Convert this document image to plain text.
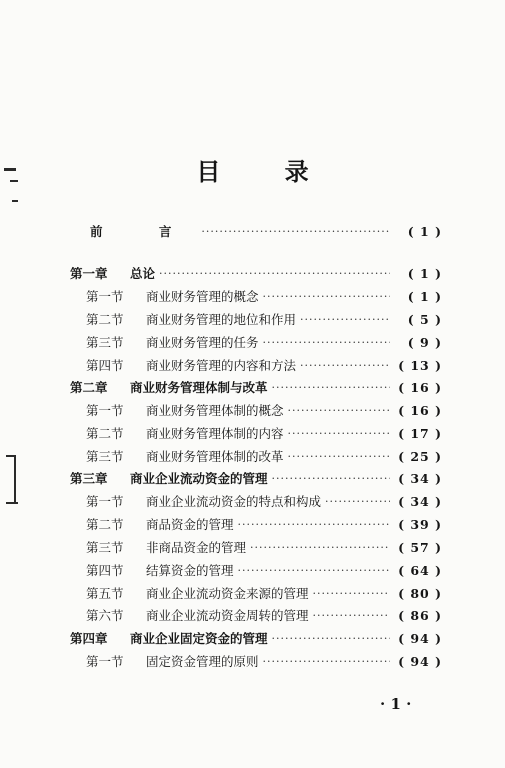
目 录
前 言 ·····	( 1 )
第一章	总论 ·····	( 1 )
第一节	商业财务管理的概念 ·····	( 1 )
第二节	商业财务管理的地位和作用 ·····	( 5 )
第三节	商业财务管理的任务 ·····	( 9 )
第四节	商业财务管理的内容和方法 ·····	( 13 )
第二章	商业财务管理体制与改革 ·····	( 16 )
第一节	商业财务管理体制的概念 ·····	( 16 )
第二节	商业财务管理体制的内容 ·····	( 17 )
第三节	商业财务管理体制的改革 ·····	( 25 )
第三章	商业企业流动资金的管理 ·····	( 34 )
第一节	商业企业流动资金的特点和构成 ·····	( 34 )
第二节	商品资金的管理 ·····	( 39 )
第三节	非商品资金的管理 ·····	( 57 )
第四节	结算资金的管理 ·····	( 64 )
第五节	商业企业流动资金来源的管理 ·····	( 80 )
第六节	商业企业流动资金周转的管理 ·····	( 86 )
第四章	商业企业固定资金的管理 ·····	( 94 )
第一节	固定资金管理的原则 ·····	( 94 )
· 1 ·
